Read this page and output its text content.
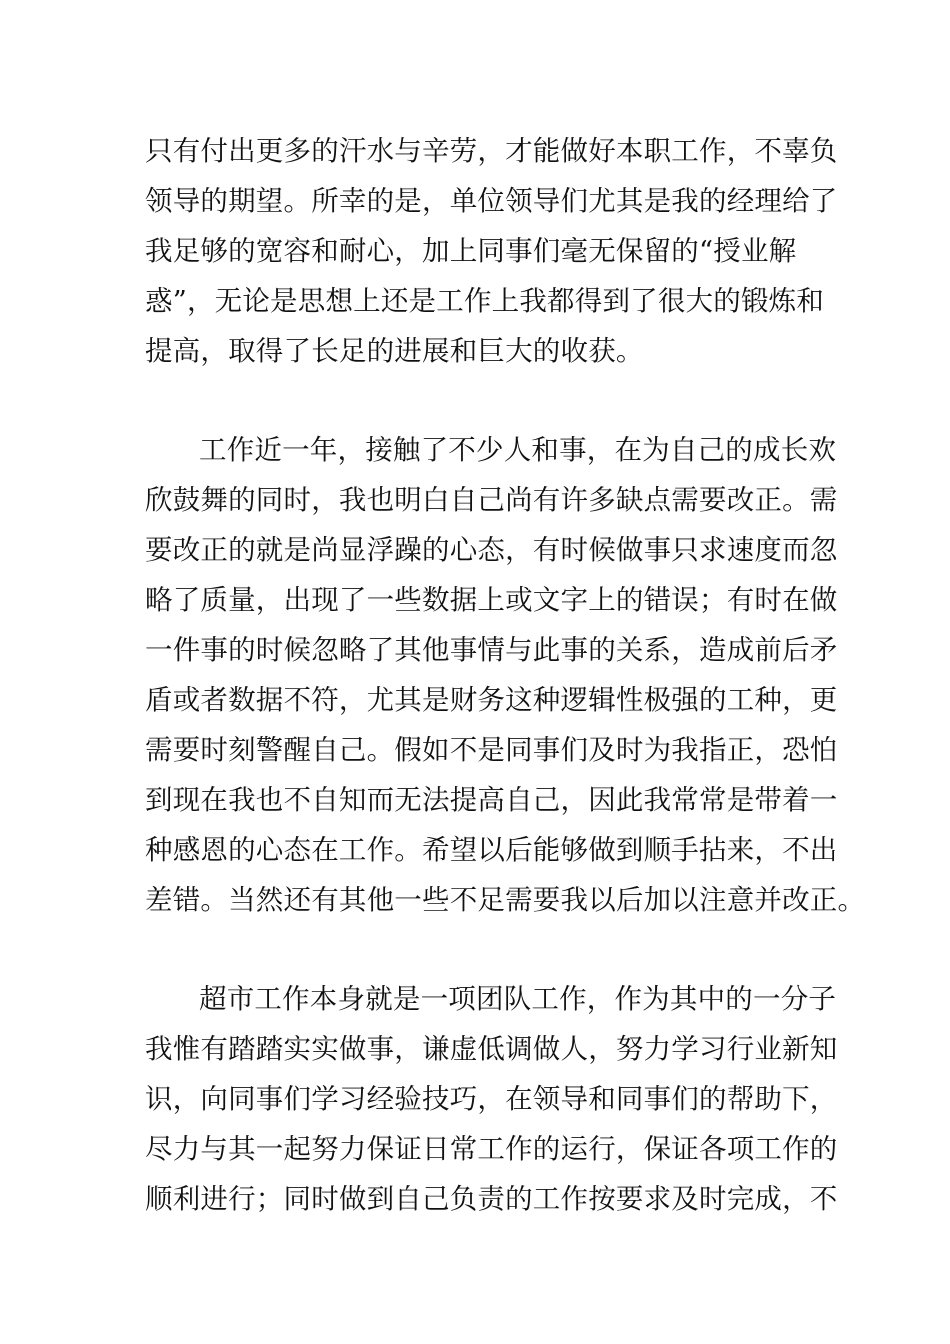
只有付出更多的汗水与辛劳，才能做好本职工作，不辜负
领导的期望。所幸的是，单位领导们尤其是我的经理给了
我足够的宽容和耐心，加上同事们毫无保留的“授业解
惑”，无论是思想上还是工作上我都得到了很大的锻炼和
提高，取得了长足的进展和巨大的收获。
工作近一年，接触了不少人和事，在为自己的成长欢
欣鼓舞的同时，我也明白自己尚有许多缺点需要改正。需
要改正的就是尚显浮躁的心态，有时候做事只求速度而忽
略了质量，出现了一些数据上或文字上的错误；有时在做
一件事的时候忽略了其他事情与此事的关系，造成前后矛
盾或者数据不符，尤其是财务这种逻辑性极强的工种，更
需要时刻警醒自己。假如不是同事们及时为我指正，恐怕
到现在我也不自知而无法提高自己，因此我常常是带着一
种感恩的心态在工作。希望以后能够做到顺手拈来，不出
差错。当然还有其他一些不足需要我以后加以注意并改正。
超市工作本身就是一项团队工作，作为其中的一分子
我惟有踏踏实实做事，谦虚低调做人，努力学习行业新知
识，向同事们学习经验技巧，在领导和同事们的帮助下，
尽力与其一起努力保证日常工作的运行，保证各项工作的
顺利进行；同时做到自己负责的工作按要求及时完成，不
